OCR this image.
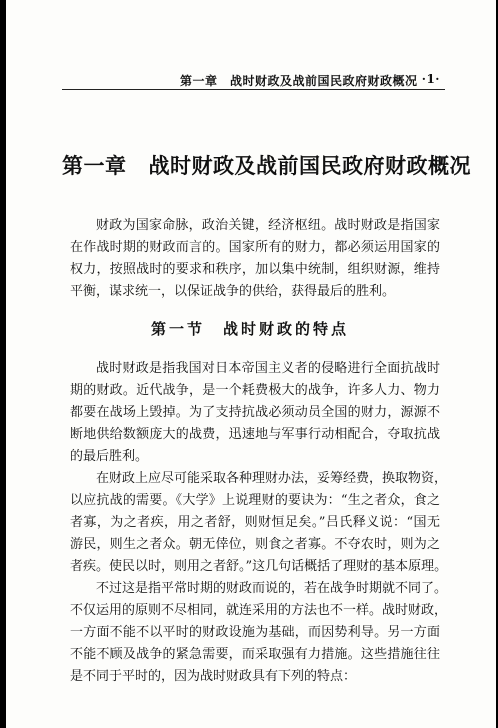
第一章　战时财政及战前国民政府财政概况 ·1·
第一章 战时财政及战前国民政府财政概况
财政为国家命脉，政治关键，经济枢纽。战时财政是指国家
在作战时期的财政而言的。国家所有的财力，都必须运用国家的
权力，按照战时的要求和秩序，加以集中统制，组织财源，维持
平衡，谋求统一，以保证战争的供给，获得最后的胜利。
第一节 战时财政的特点
战时财政是指我国对日本帝国主义者的侵略进行全面抗战时
期的财政。近代战争，是一个耗费极大的战争，许多人力、物力
都要在战场上毁掉。为了支持抗战必须动员全国的财力，源源不
断地供给数额庞大的战费，迅速地与军事行动相配合，夺取抗战
的最后胜利。
在财政上应尽可能采取各种理财办法，妥筹经费，换取物资，
以应抗战的需要。《大学》上说理财的要诀为：“生之者众，食之
者寡，为之者疾，用之者舒，则财恒足矣。”吕氏释义说：“国无
游民，则生之者众。朝无倖位，则食之者寡。不夺农时，则为之
者疾。使民以时，则用之者舒。”这几句话概括了理财的基本原理。
不过这是指平常时期的财政而说的，若在战争时期就不同了。
不仅运用的原则不尽相同，就连采用的方法也不一样。战时财政，
一方面不能不以平时的财政设施为基础，而因势利导。另一方面
不能不顾及战争的紧急需要，而采取强有力措施。这些措施往往
是不同于平时的，因为战时财政具有下列的特点：
